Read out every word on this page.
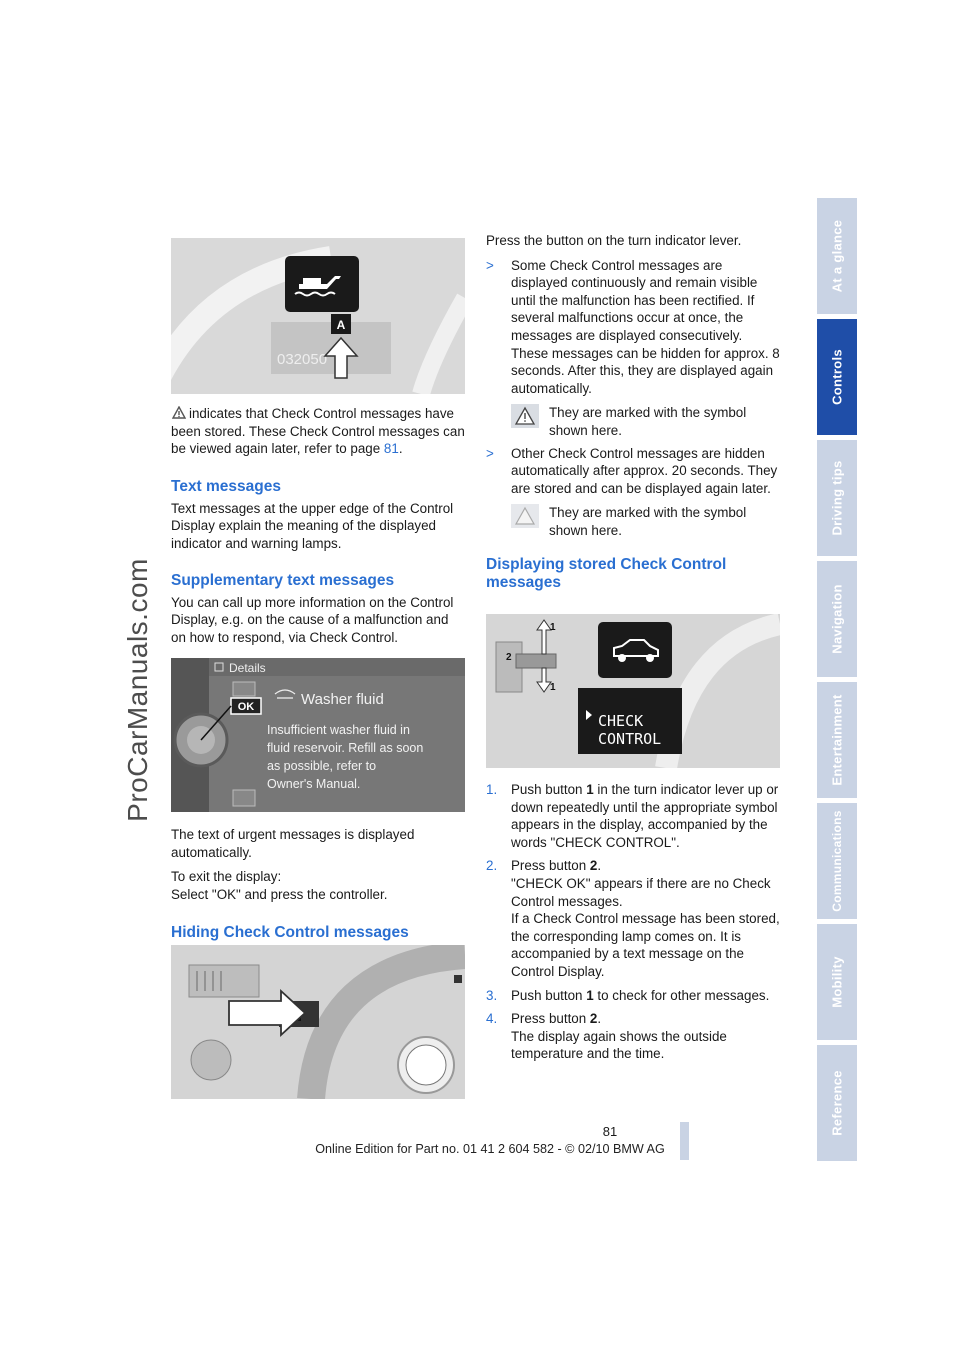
ProCarManuals.com
At a glance
Controls
Driving tips
Navigation
Entertainment
Communications
Mobility
Reference
A
032050

indicates that Check Control messages have been stored. These Check Control messages can be viewed again later, refer to page 81.

Text messages

Text messages at the upper edge of the Control Display explain the meaning of the displayed indicator and warning lamps.

Supplementary text messages

You can call up more information on the Control Display, e.g. on the cause of a malfunction and on how to respond, via Check Control.

Details
OK	Washer fluid
Insufficient washer fluid in
fluid reservoir. Refill as soon
as possible, refer to
Owner's Manual.

The text of urgent messages is displayed automatically.

To exit the display:

Select "OK" and press the controller.

Hiding Check Control messages

Press the button on the turn indicator lever.

>	Some Check Control messages are displayed continuously and remain visible until the malfunction has been rectified. If several malfunctions occur at once, the messages are displayed consecutively.
These messages can be hidden for approx. 8 seconds. After this, they are displayed again automatically.
They are marked with the symbol shown here.
>	Other Check Control messages are hidden automatically after approx. 20 seconds. They are stored and can be displayed again later.
They are marked with the symbol shown here.
Displaying stored Check Control messages
1
1
2
CHECK
CONTROL
1.	Push button 1 in the turn indicator lever up or down repeatedly until the appropriate symbol appears in the display, accompanied by the words "CHECK CONTROL".
2.	Press button 2.
"CHECK OK" appears if there are no Check Control messages.
If a Check Control message has been stored, the corresponding lamp comes on. It is accompanied by a text message on the Control Display.
3.	Push button 1 to check for other messages.
4.	Press button 2.
The display again shows the outside temperature and the time.
81
Online Edition for Part no. 01 41 2 604 582 - © 02/10 BMW AG
